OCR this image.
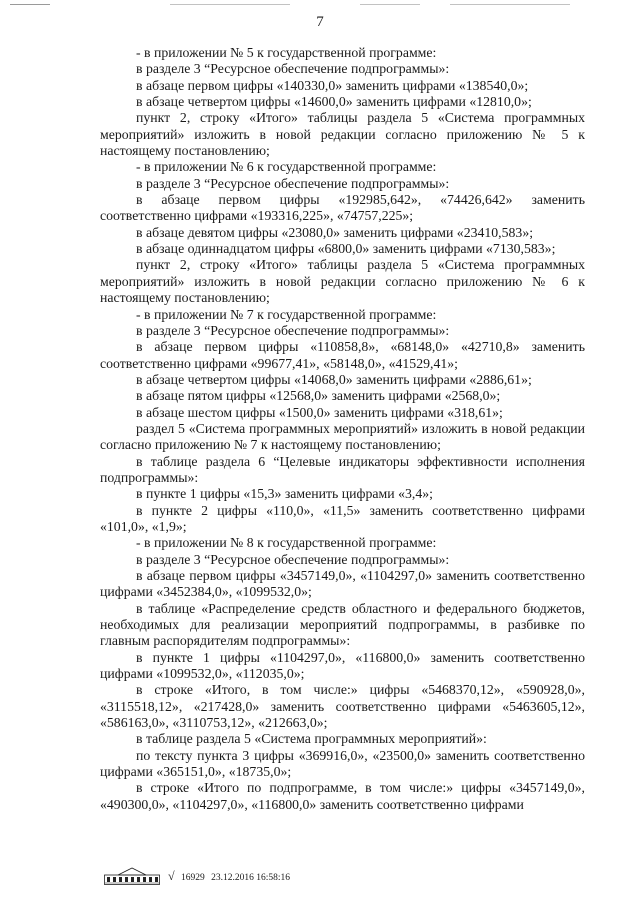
7

- в приложении № 5 к государственной программе:

в разделе 3 “Ресурсное обеспечение подпрограммы»:

в абзаце первом цифры «140330,0» заменить цифрами «138540,0»;

в абзаце четвертом цифры «14600,0» заменить цифрами «12810,0»;

пункт 2, строку «Итого» таблицы раздела 5 «Система программных мероприятий» изложить в новой редакции согласно приложению № 5 к настоящему постановлению;

- в приложении № 6 к государственной программе:

в разделе 3 “Ресурсное обеспечение подпрограммы»:

в абзаце первом цифры «192985,642», «74426,642» заменить соответственно цифрами «193316,225», «74757,225»;

в абзаце девятом цифры «23080,0» заменить цифрами «23410,583»;

в абзаце одиннадцатом цифры «6800,0» заменить цифрами «7130,583»;

пункт 2, строку «Итого» таблицы раздела 5 «Система программных мероприятий» изложить в новой редакции согласно приложению № 6 к настоящему постановлению;

- в приложении № 7 к государственной программе:

в разделе 3 “Ресурсное обеспечение подпрограммы»:

в абзаце первом цифры «110858,8», «68148,0» «42710,8» заменить соответственно цифрами «99677,41», «58148,0», «41529,41»;

в абзаце четвертом цифры «14068,0» заменить цифрами «2886,61»;

в абзаце пятом цифры «12568,0» заменить цифрами «2568,0»;

в абзаце шестом цифры «1500,0» заменить цифрами «318,61»;

раздел 5 «Система программных мероприятий» изложить в новой редакции согласно приложению № 7 к настоящему постановлению;

в таблице раздела 6 “Целевые индикаторы эффективности исполнения подпрограммы»:

в пункте 1 цифры «15,3» заменить цифрами «3,4»;

в пункте 2 цифры «110,0», «11,5» заменить соответственно цифрами «101,0», «1,9»;

- в приложении № 8 к государственной программе:

в разделе 3 “Ресурсное обеспечение подпрограммы»:

в абзаце первом цифры «3457149,0», «1104297,0» заменить соответственно цифрами «3452384,0», «1099532,0»;

в таблице «Распределение средств областного и федерального бюджетов, необходимых для реализации мероприятий подпрограммы, в разбивке по главным распорядителям подпрограммы»:

в пункте 1 цифры «1104297,0», «116800,0» заменить соответственно цифрами «1099532,0», «112035,0»;

в строке «Итого, в том числе:» цифры «5468370,12», «590928,0», «3115518,12», «217428,0» заменить соответственно цифрами «5463605,12», «586163,0», «3110753,12», «212663,0»;

в таблице раздела 5 «Система программных мероприятий»:

по тексту пункта 3 цифры «369916,0», «23500,0» заменить соответственно цифрами «365151,0», «18735,0»;

в строке «Итого по подпрограмме, в том числе:» цифры «3457149,0», «490300,0», «1104297,0», «116800,0» заменить соответственно цифрами

√ 16929 23.12.2016 16:58:16
